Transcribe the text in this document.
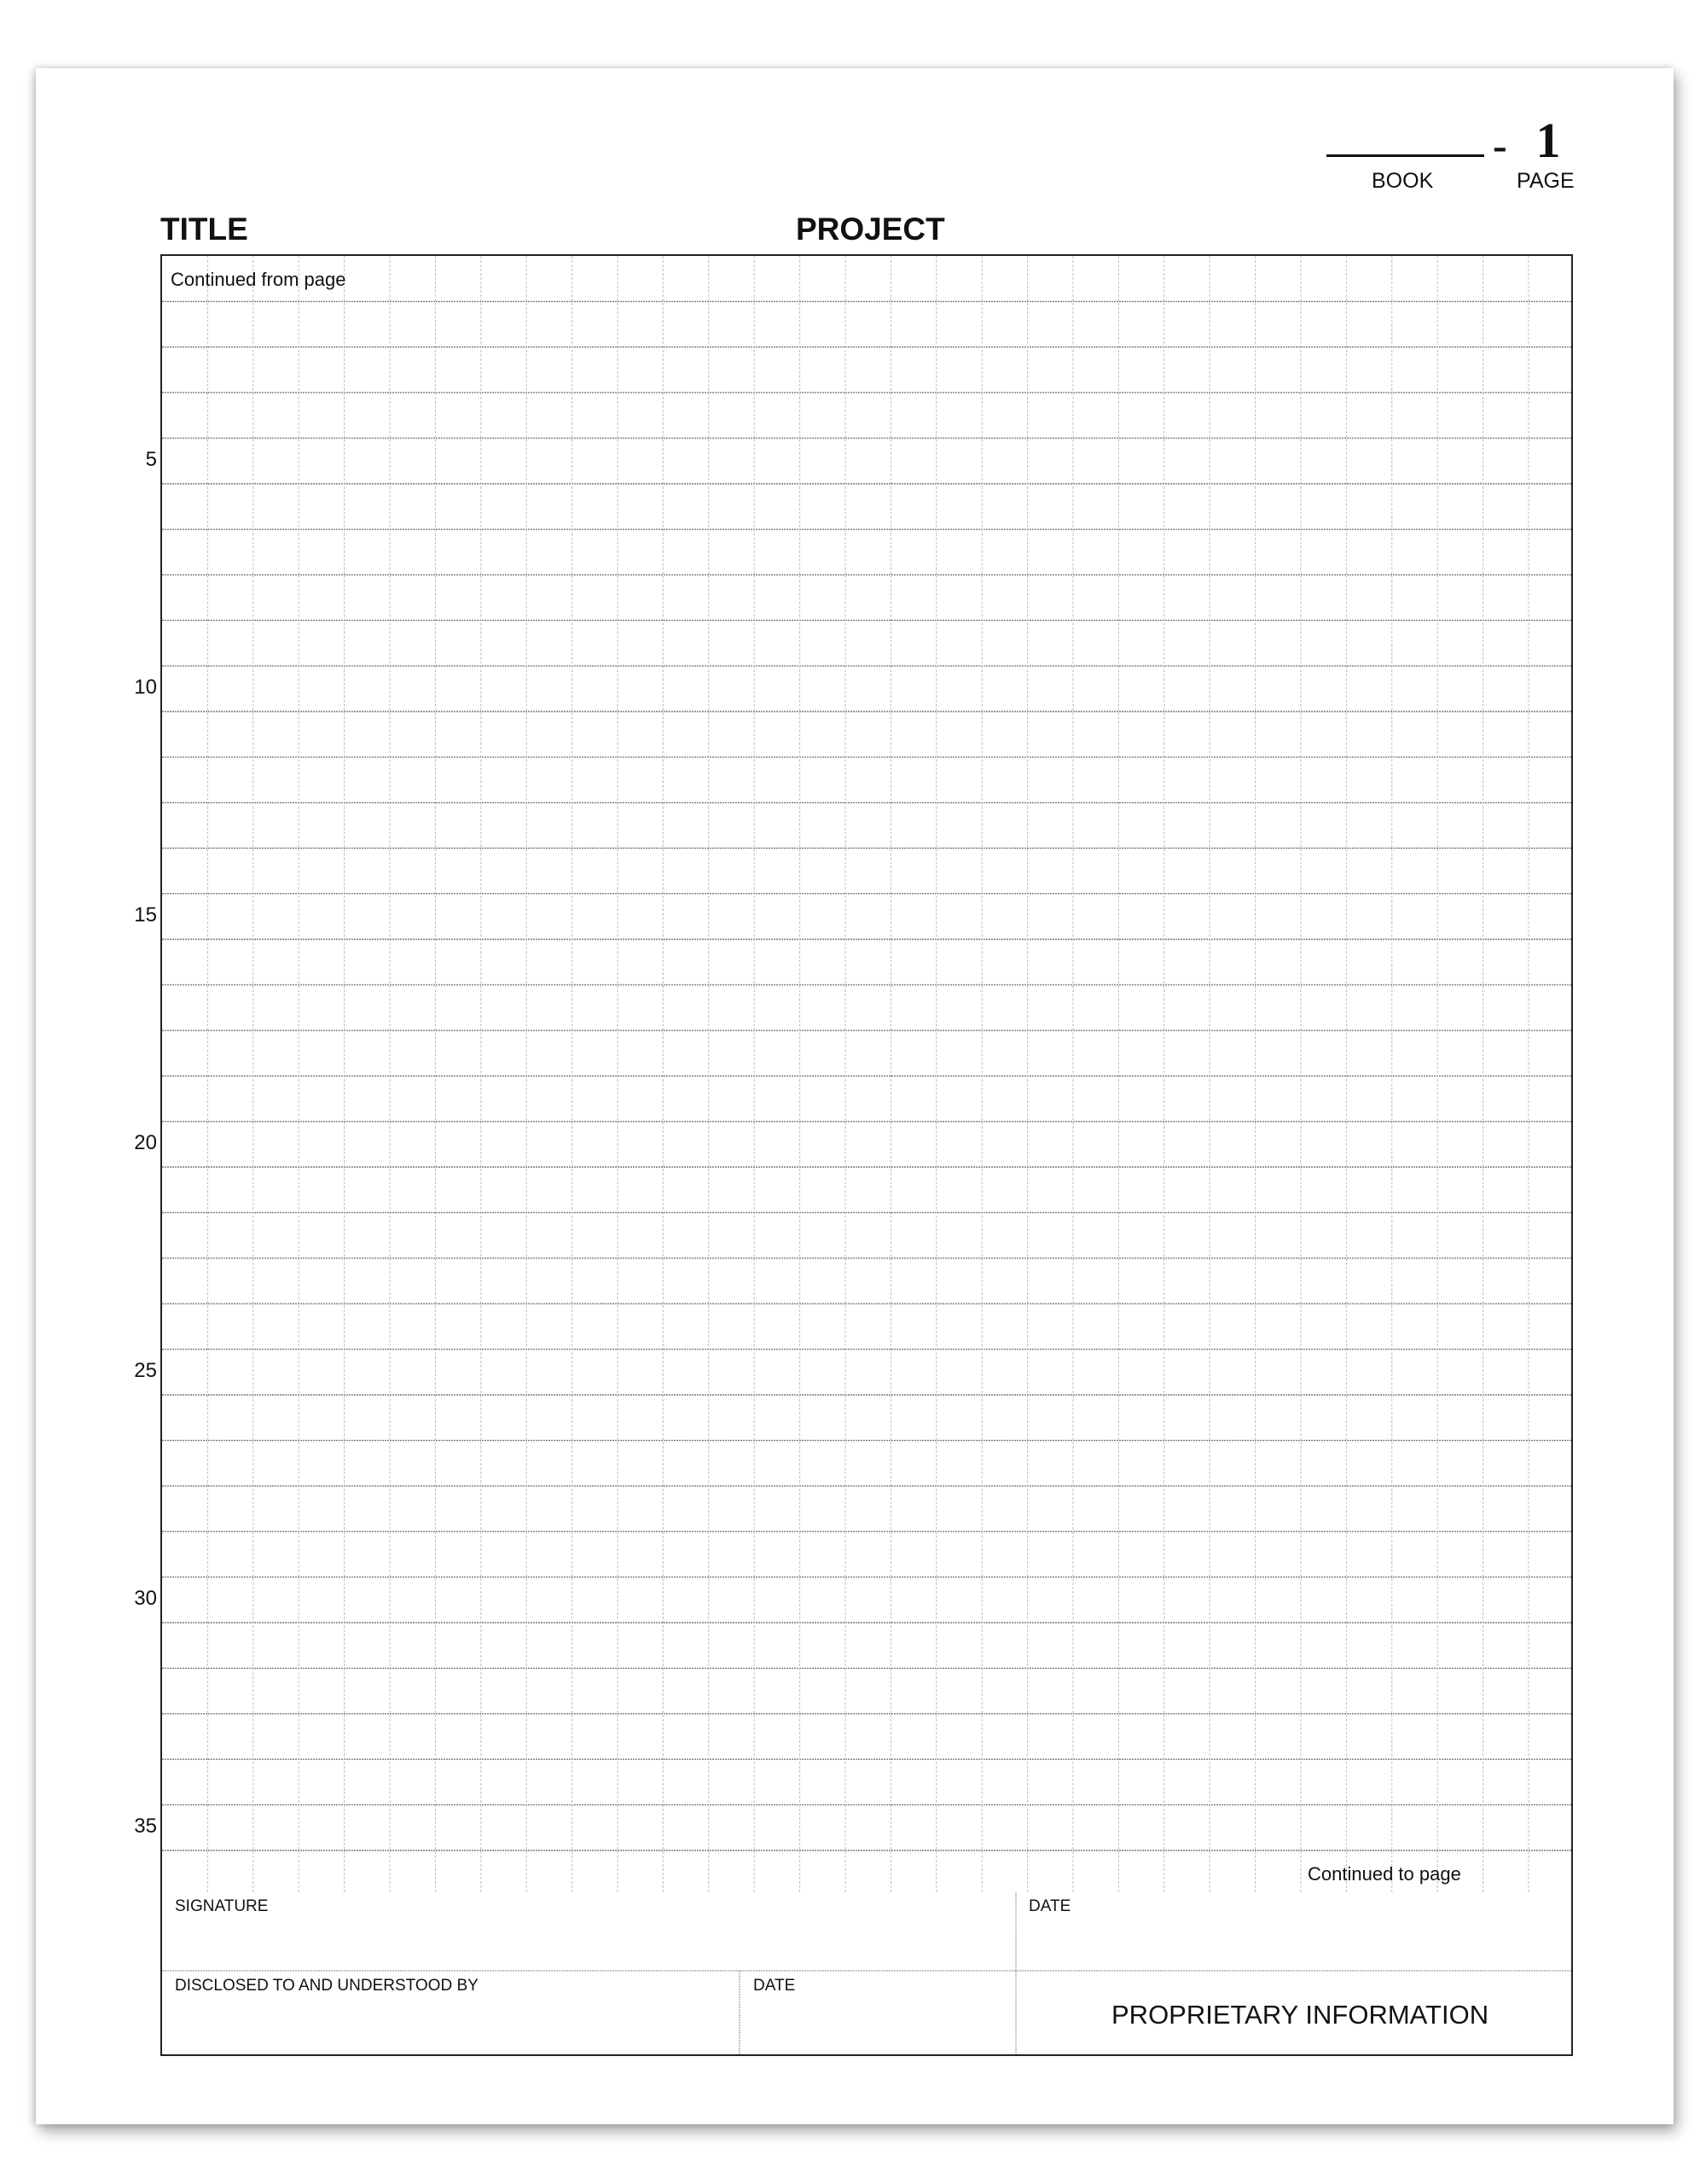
- 1
BOOK	PAGE
TITLE	PROJECT
5
10
15
20
25
30
35
Continued from page
Continued to page
SIGNATURE	DATE
DISCLOSED TO AND UNDERSTOOD BY	DATE
PROPRIETARY INFORMATION
